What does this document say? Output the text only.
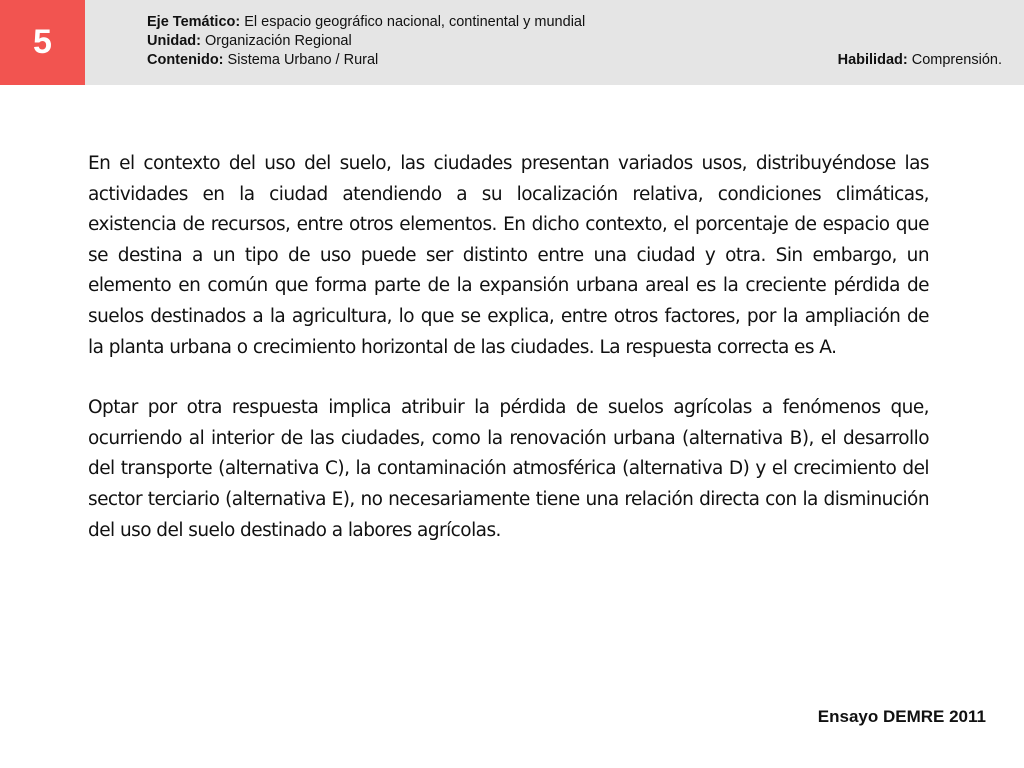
5
Eje Temático: El espacio geográfico nacional, continental y mundial
Unidad: Organización Regional
Contenido: Sistema Urbano / Rural	Habilidad: Comprensión.

En el contexto del uso del suelo, las ciudades presentan variados usos, distribuyéndose las actividades en la ciudad atendiendo a su localización relativa, condiciones climáticas, existencia de recursos, entre otros elementos. En dicho contexto, el porcentaje de espacio que se destina a un tipo de uso puede ser distinto entre una ciudad y otra. Sin embargo, un elemento en común que forma parte de la expansión urbana areal es la creciente pérdida de suelos destinados a la agricultura, lo que se explica, entre otros factores, por la ampliación de la planta urbana o crecimiento horizontal de las ciudades. La respuesta correcta es A.

Optar por otra respuesta implica atribuir la pérdida de suelos agrícolas a fenómenos que, ocurriendo al interior de las ciudades, como la renovación urbana (alternativa B), el desarrollo del transporte (alternativa C), la contaminación atmosférica (alternativa D) y el crecimiento del sector terciario (alternativa E), no necesariamente tiene una relación directa con la disminución del uso del suelo destinado a labores agrícolas.

Ensayo DEMRE 2011
